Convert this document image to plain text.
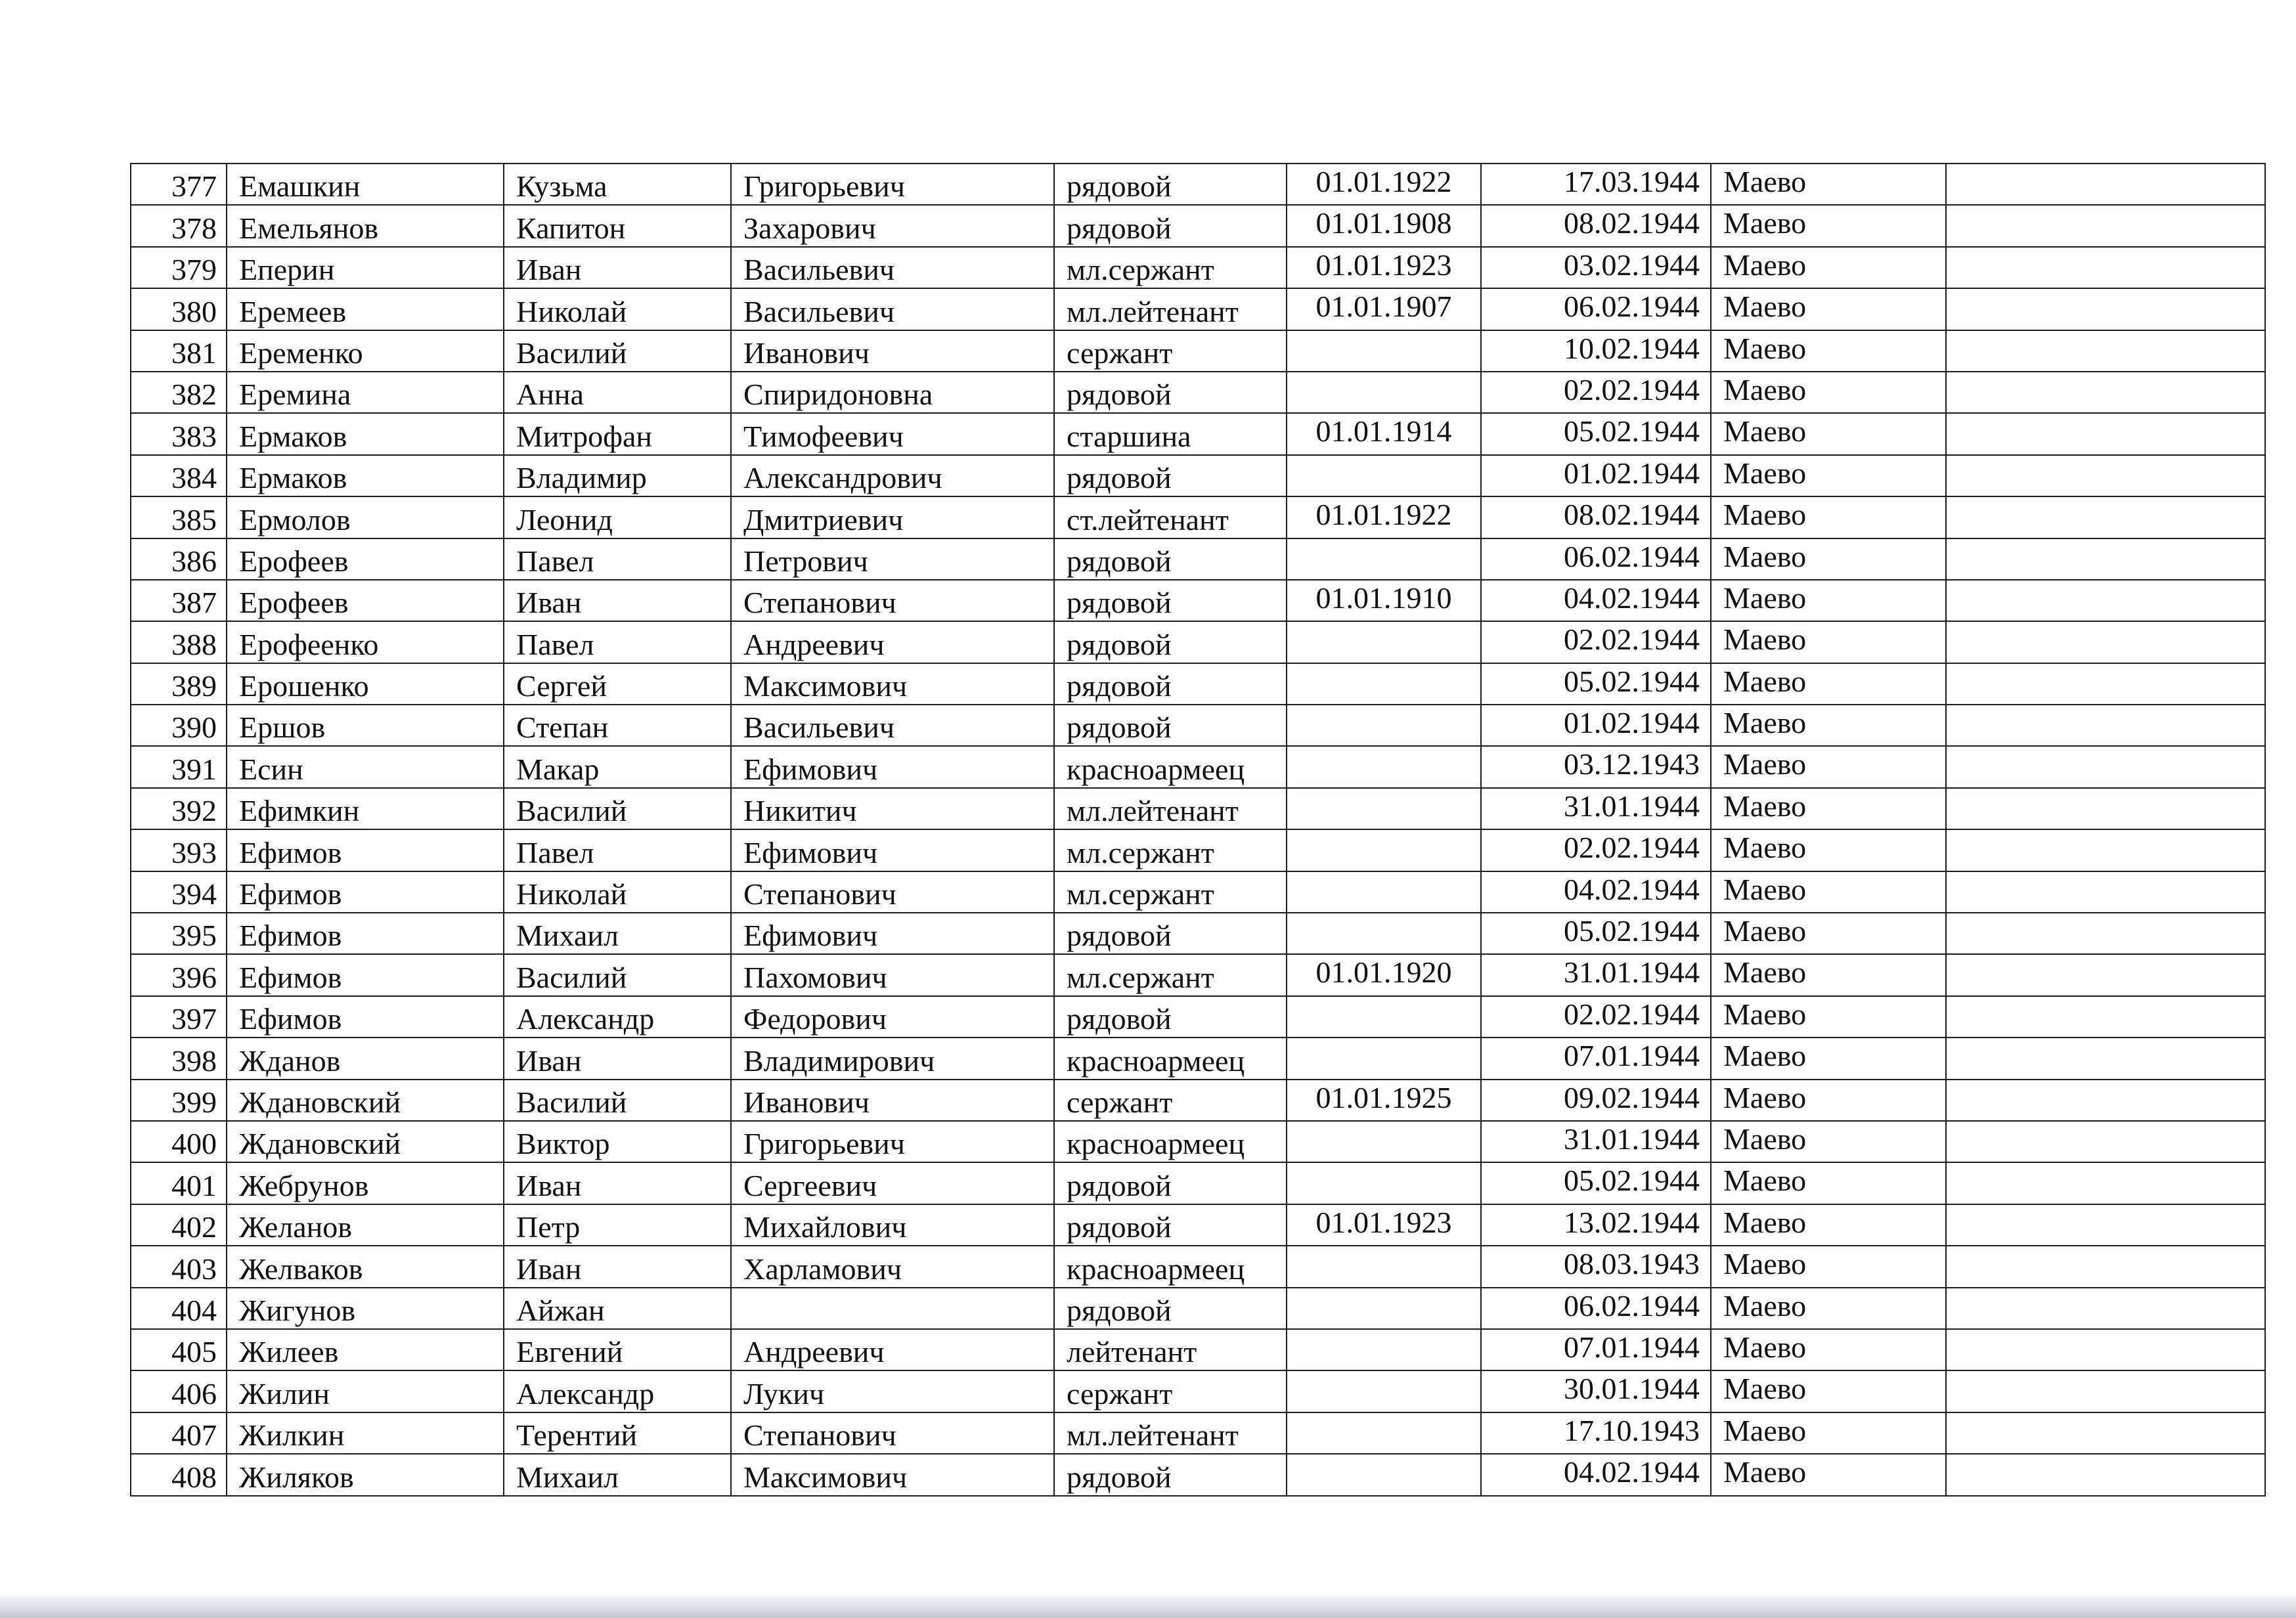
377	Емашкин	Кузьма	Григорьевич	рядовой	01.01.1922	17.03.1944	Маево	
378	Емельянов	Капитон	Захарович	рядовой	01.01.1908	08.02.1944	Маево	
379	Еперин	Иван	Васильевич	мл.сержант	01.01.1923	03.02.1944	Маево	
380	Еремеев	Николай	Васильевич	мл.лейтенант	01.01.1907	06.02.1944	Маево	
381	Еременко	Василий	Иванович	сержант		10.02.1944	Маево	
382	Еремина	Анна	Спиридоновна	рядовой		02.02.1944	Маево	
383	Ермаков	Митрофан	Тимофеевич	старшина	01.01.1914	05.02.1944	Маево	
384	Ермаков	Владимир	Александрович	рядовой		01.02.1944	Маево	
385	Ермолов	Леонид	Дмитриевич	ст.лейтенант	01.01.1922	08.02.1944	Маево	
386	Ерофеев	Павел	Петрович	рядовой		06.02.1944	Маево	
387	Ерофеев	Иван	Степанович	рядовой	01.01.1910	04.02.1944	Маево	
388	Ерофеенко	Павел	Андреевич	рядовой		02.02.1944	Маево	
389	Ерошенко	Сергей	Максимович	рядовой		05.02.1944	Маево	
390	Ершов	Степан	Васильевич	рядовой		01.02.1944	Маево	
391	Есин	Макар	Ефимович	красноармеец		03.12.1943	Маево	
392	Ефимкин	Василий	Никитич	мл.лейтенант		31.01.1944	Маево	
393	Ефимов	Павел	Ефимович	мл.сержант		02.02.1944	Маево	
394	Ефимов	Николай	Степанович	мл.сержант		04.02.1944	Маево	
395	Ефимов	Михаил	Ефимович	рядовой		05.02.1944	Маево	
396	Ефимов	Василий	Пахомович	мл.сержант	01.01.1920	31.01.1944	Маево	
397	Ефимов	Александр	Федорович	рядовой		02.02.1944	Маево	
398	Жданов	Иван	Владимирович	красноармеец		07.01.1944	Маево	
399	Ждановский	Василий	Иванович	сержант	01.01.1925	09.02.1944	Маево	
400	Ждановский	Виктор	Григорьевич	красноармеец		31.01.1944	Маево	
401	Жебрунов	Иван	Сергеевич	рядовой		05.02.1944	Маево	
402	Желанов	Петр	Михайлович	рядовой	01.01.1923	13.02.1944	Маево	
403	Желваков	Иван	Харламович	красноармеец		08.03.1943	Маево	
404	Жигунов	Айжан		рядовой		06.02.1944	Маево	
405	Жилеев	Евгений	Андреевич	лейтенант		07.01.1944	Маево	
406	Жилин	Александр	Лукич	сержант		30.01.1944	Маево	
407	Жилкин	Терентий	Степанович	мл.лейтенант		17.10.1943	Маево	
408	Жиляков	Михаил	Максимович	рядовой		04.02.1944	Маево	
